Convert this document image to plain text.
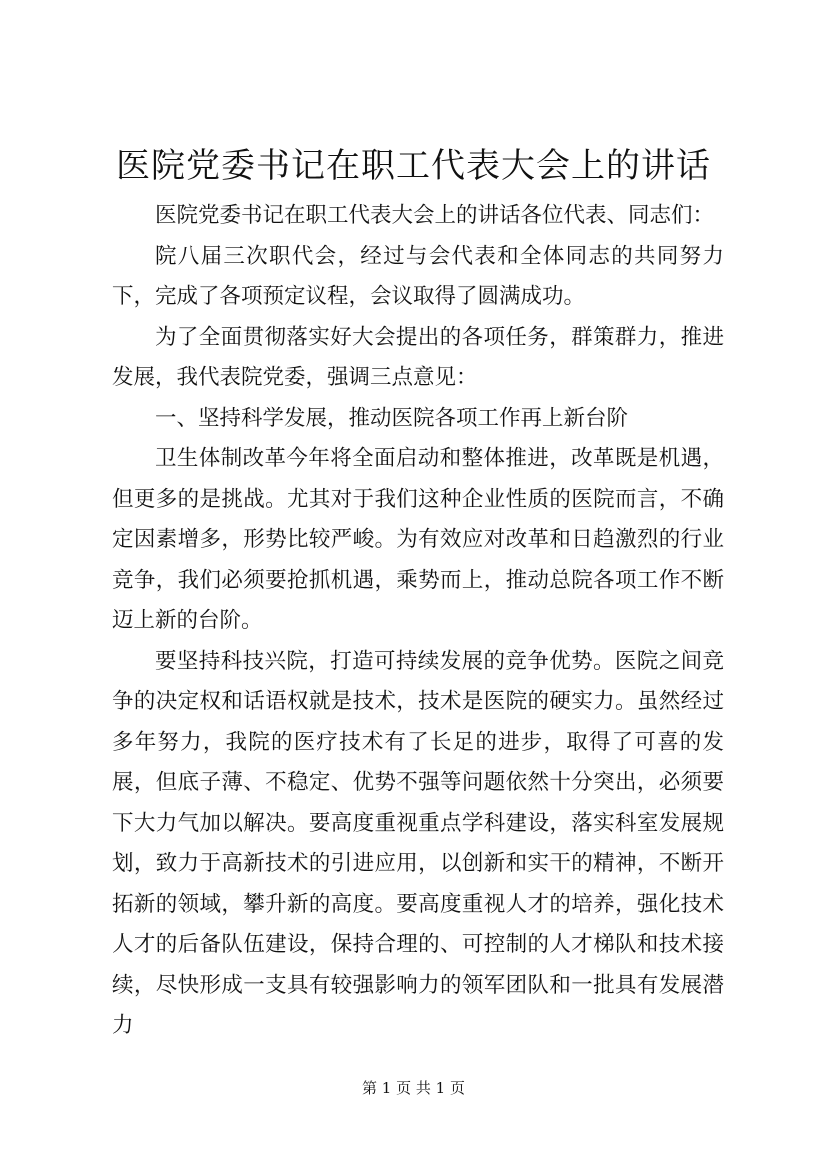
医院党委书记在职工代表大会上的讲话

医院党委书记在职工代表大会上的讲话各位代表、同志们：

院八届三次职代会，经过与会代表和全体同志的共同努力下，完成了各项预定议程，会议取得了圆满成功。

为了全面贯彻落实好大会提出的各项任务，群策群力，推进发展，我代表院党委，强调三点意见：

一、坚持科学发展，推动医院各项工作再上新台阶

卫生体制改革今年将全面启动和整体推进，改革既是机遇，但更多的是挑战。尤其对于我们这种企业性质的医院而言，不确定因素增多，形势比较严峻。为有效应对改革和日趋激烈的行业竞争，我们必须要抢抓机遇，乘势而上，推动总院各项工作不断迈上新的台阶。

要坚持科技兴院，打造可持续发展的竞争优势。医院之间竞争的决定权和话语权就是技术，技术是医院的硬实力。虽然经过多年努力，我院的医疗技术有了长足的进步，取得了可喜的发展，但底子薄、不稳定、优势不强等问题依然十分突出，必须要下大力气加以解决。要高度重视重点学科建设，落实科室发展规划，致力于高新技术的引进应用，以创新和实干的精神，不断开拓新的领域，攀升新的高度。要高度重视人才的培养，强化技术人才的后备队伍建设，保持合理的、可控制的人才梯队和技术接续，尽快形成一支具有较强影响力的领军团队和一批具有发展潜力

第 1 页 共 1 页
